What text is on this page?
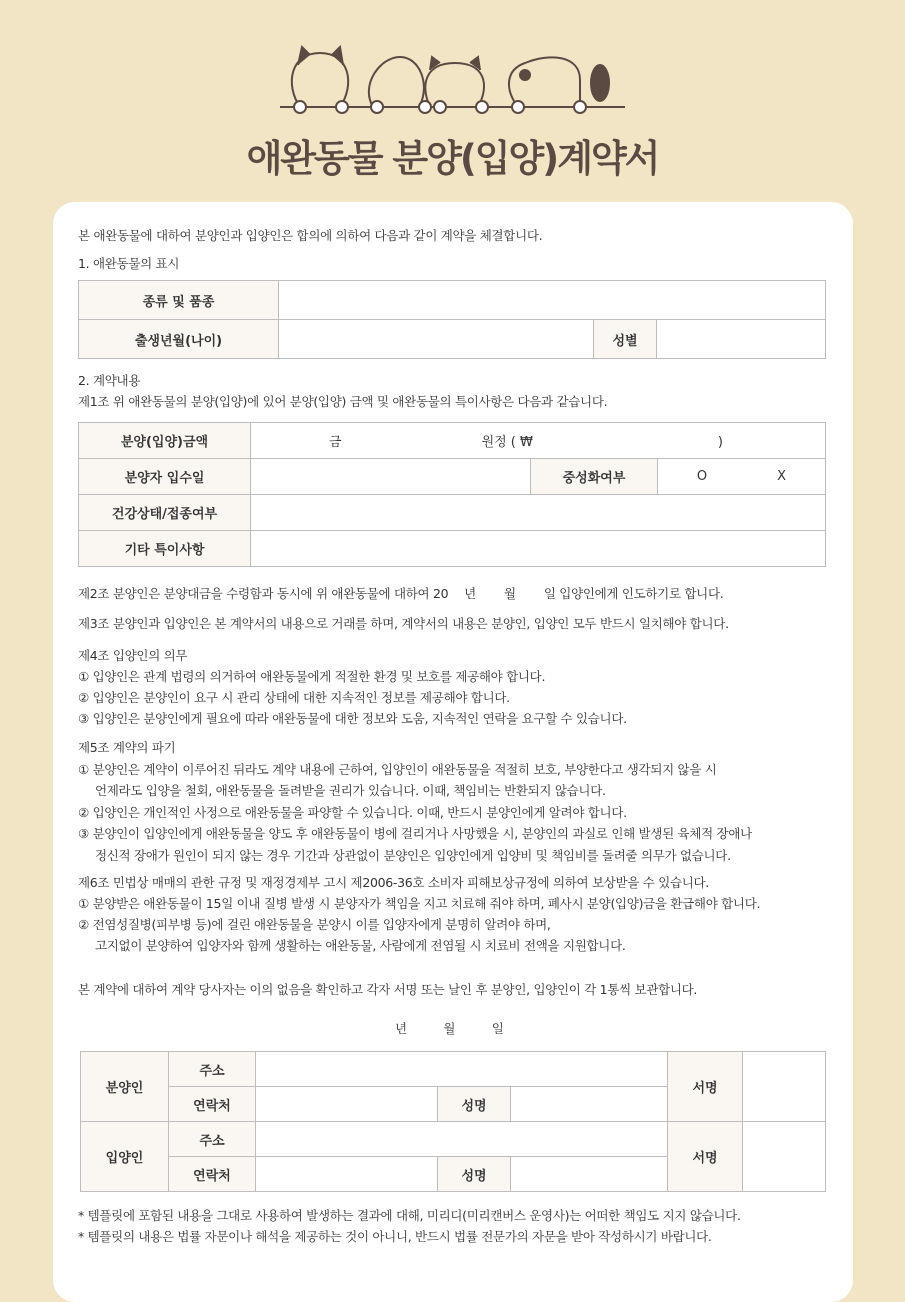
애완동물 분양(입양)계약서
본 애완동물에 대하여 분양인과 입양인은 합의에 의하여 다음과 같이 계약을 체결합니다.
1. 애완동물의 표시
종류 및 품종			
출생년월(나이)		성별	
2. 계약내용
제1조 위 애완동물의 분양(입양)에 있어 분양(입양) 금액 및 애완동물의 특이사항은 다음과 같습니다.
분양(입양)금액	금 원정 ( ₩ )		
분양자 입수일		중성화여부	O X
건강상태/접종여부			
기타 특이사항			
제2조 분양인은 분양대금을 수령함과 동시에 위 애완동물에 대하여 20　 년　　 월　　 일 입양인에게 인도하기로 합니다.
제3조 분양인과 입양인은 본 계약서의 내용으로 거래를 하며, 계약서의 내용은 분양인, 입양인 모두 반드시 일치해야 합니다.
제4조 입양인의 의무
① 입양인은 관계 법령의 의거하여 애완동물에게 적절한 환경 및 보호를 제공해야 합니다.
② 입양인은 분양인이 요구 시 관리 상태에 대한 지속적인 정보를 제공해야 합니다.
③ 입양인은 분양인에게 필요에 따라 애완동물에 대한 정보와 도움, 지속적인 연락을 요구할 수 있습니다.
제5조 계약의 파기
① 분양인은 계약이 이루어진 뒤라도 계약 내용에 근하여, 입양인이 애완동물을 적절히 보호, 부양한다고 생각되지 않을 시
언제라도 입양을 철회, 애완동물을 돌려받을 권리가 있습니다. 이때, 책임비는 반환되지 않습니다.
② 입양인은 개인적인 사정으로 애완동물을 파양할 수 있습니다. 이때, 반드시 분양인에게 알려야 합니다.
③ 분양인이 입양인에게 애완동물을 양도 후 애완동물이 병에 걸리거나 사망했을 시, 분양인의 과실로 인해 발생된 육체적 장애나
정신적 장애가 원인이 되지 않는 경우 기간과 상관없이 분양인은 입양인에게 입양비 및 책임비를 돌려줄 의무가 없습니다.
제6조 민법상 매매의 관한 규정 및 재정경제부 고시 제2006-36호 소비자 피해보상규정에 의하여 보상받을 수 있습니다.
① 분양받은 애완동물이 15일 이내 질병 발생 시 분양자가 책임을 지고 치료해 줘야 하며, 폐사시 분양(입양)금을 환급해야 합니다.
② 전염성질병(피부병 등)에 걸린 애완동물을 분양시 이를 입양자에게 분명히 알려야 하며,
고지없이 분양하여 입양자와 함께 생활하는 애완동물, 사람에게 전염될 시 치료비 전액을 지원합니다.
본 계약에 대하여 계약 당사자는 이의 없음을 확인하고 각자 서명 또는 날인 후 분양인, 입양인이 각 1통씩 보관합니다.
년　　　월　　　일
분양인	주소				서명	
	연락처		성명			
입양인	주소				서명	
	연락처		성명			
* 템플릿에 포함된 내용을 그대로 사용하여 발생하는 결과에 대해, 미리디(미리캔버스 운영사)는 어떠한 책임도 지지 않습니다.
* 템플릿의 내용은 법률 자문이나 해석을 제공하는 것이 아니니, 반드시 법률 전문가의 자문을 받아 작성하시기 바랍니다.
